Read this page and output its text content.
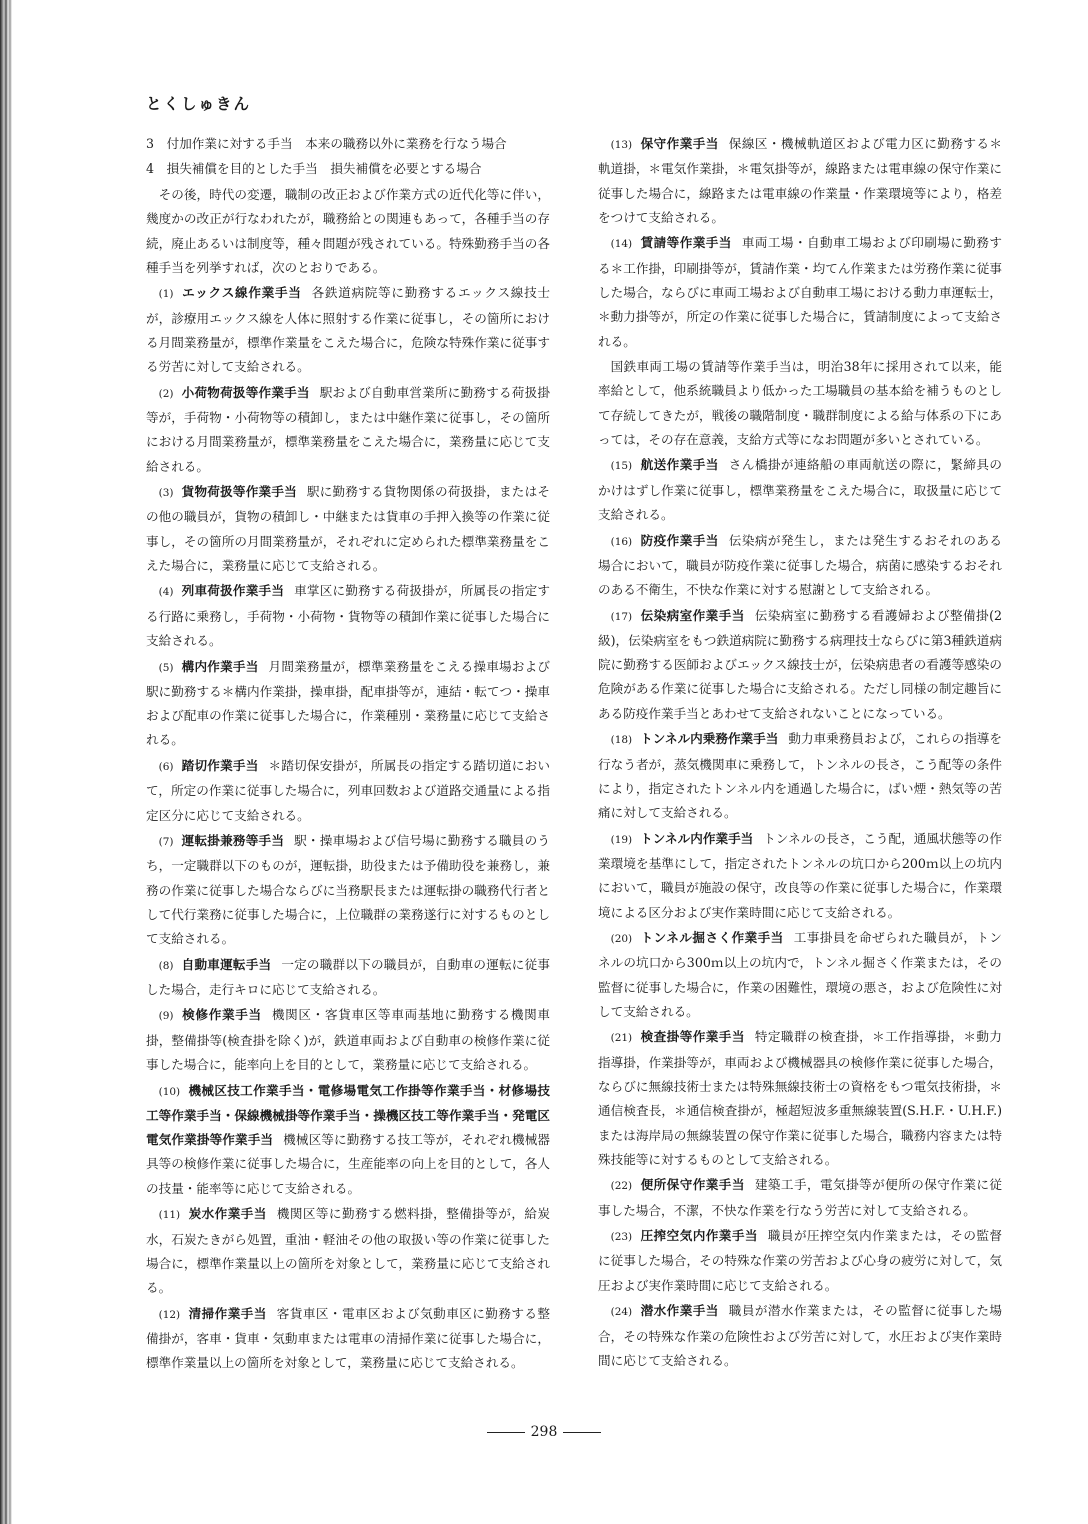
とくしゅきん

3　付加作業に対する手当　本来の職務以外に業務を行なう場合

4　損失補償を目的とした手当　損失補償を必要とする場合

その後，時代の変遷，職制の改正および作業方式の近代化等に伴い，幾度かの改正が行なわれたが，職務給との関連もあって，各種手当の存続，廃止あるいは制度等，種々問題が残されている。特殊勤務手当の各種手当を列挙すれば，次のとおりである。

(1) エックス線作業手当 各鉄道病院等に勤務するエックス線技士が，診療用エックス線を人体に照射する作業に従事し，その箇所における月間業務量が，標準作業量をこえた場合に，危険な特殊作業に従事する労苦に対して支給される。

(2) 小荷物荷扱等作業手当 駅および自動車営業所に勤務する荷扱掛等が，手荷物・小荷物等の積卸し，または中継作業に従事し，その箇所における月間業務量が，標準業務量をこえた場合に，業務量に応じて支給される。

(3) 貨物荷扱等作業手当 駅に勤務する貨物関係の荷扱掛，またはその他の職員が，貨物の積卸し・中継または貨車の手押入換等の作業に従事し，その箇所の月間業務量が，それぞれに定められた標準業務量をこえた場合に，業務量に応じて支給される。

(4) 列車荷扱作業手当 車掌区に勤務する荷扱掛が，所属長の指定する行路に乗務し，手荷物・小荷物・貨物等の積卸作業に従事した場合に支給される。

(5) 構内作業手当 月間業務量が，標準業務量をこえる操車場および駅に勤務する＊構内作業掛，操車掛，配車掛等が，連結・転てつ・操車および配車の作業に従事した場合に，作業種別・業務量に応じて支給される。

(6) 踏切作業手当 ＊踏切保安掛が，所属長の指定する踏切道において，所定の作業に従事した場合に，列車回数および道路交通量による指定区分に応じて支給される。

(7) 運転掛兼務等手当 駅・操車場および信号場に勤務する職員のうち，一定職群以下のものが，運転掛，助役または予備助役を兼務し，兼務の作業に従事した場合ならびに当務駅長または運転掛の職務代行者として代行業務に従事した場合に，上位職群の業務遂行に対するものとして支給される。

(8) 自動車運転手当 一定の職群以下の職員が，自動車の運転に従事した場合，走行キロに応じて支給される。

(9) 検修作業手当 機関区・客貨車区等車両基地に勤務する機関車掛，整備掛等(検査掛を除く)が，鉄道車両および自動車の検修作業に従事した場合に，能率向上を目的として，業務量に応じて支給される。

(10) 機械区技工作業手当・電修場電気工作掛等作業手当・材修場技工等作業手当・保線機械掛等作業手当・操機区技工等作業手当・発電区電気作業掛等作業手当 機械区等に勤務する技工等が，それぞれ機械器具等の検修作業に従事した場合に，生産能率の向上を目的として，各人の技量・能率等に応じて支給される。

(11) 炭水作業手当 機関区等に勤務する燃料掛，整備掛等が，給炭水，石炭たきがら処置，重油・軽油その他の取扱い等の作業に従事した場合に，標準作業量以上の箇所を対象として，業務量に応じて支給される。

(12) 清掃作業手当 客貨車区・電車区および気動車区に勤務する整備掛が，客車・貨車・気動車または電車の清掃作業に従事した場合に，標準作業量以上の箇所を対象として，業務量に応じて支給される。

(13) 保守作業手当 保線区・機械軌道区および電力区に勤務する＊軌道掛，＊電気作業掛，＊電気掛等が，線路または電車線の保守作業に従事した場合に，線路または電車線の作業量・作業環境等により，格差をつけて支給される。

(14) 賃請等作業手当 車両工場・自動車工場および印刷場に勤務する＊工作掛，印刷掛等が，賃請作業・均てん作業または労務作業に従事した場合，ならびに車両工場および自動車工場における動力車運転士，＊動力掛等が，所定の作業に従事した場合に，賃請制度によって支給される。

国鉄車両工場の賃請等作業手当は，明治38年に採用されて以来，能率給として，他系統職員より低かった工場職員の基本給を補うものとして存続してきたが，戦後の職階制度・職群制度による給与体系の下にあっては，その存在意義，支給方式等になお問題が多いとされている。

(15) 航送作業手当 さん橋掛が連絡船の車両航送の際に，緊締具のかけはずし作業に従事し，標準業務量をこえた場合に，取扱量に応じて支給される。

(16) 防疫作業手当 伝染病が発生し，または発生するおそれのある場合において，職員が防疫作業に従事した場合，病菌に感染するおそれのある不衛生，不快な作業に対する慰謝として支給される。

(17) 伝染病室作業手当 伝染病室に勤務する看護婦および整備掛(2級)，伝染病室をもつ鉄道病院に勤務する病理技士ならびに第3種鉄道病院に勤務する医師およびエックス線技士が，伝染病患者の看護等感染の危険がある作業に従事した場合に支給される。ただし同様の制定趣旨にある防疫作業手当とあわせて支給されないことになっている。

(18) トンネル内乗務作業手当 動力車乗務員および，これらの指導を行なう者が，蒸気機関車に乗務して，トンネルの長さ，こう配等の条件により，指定されたトンネル内を通過した場合に，ばい煙・熱気等の苦痛に対して支給される。

(19) トンネル内作業手当 トンネルの長さ，こう配，通風状態等の作業環境を基準にして，指定されたトンネルの坑口から200ｍ以上の坑内において，職員が施設の保守，改良等の作業に従事した場合に，作業環境による区分および実作業時間に応じて支給される。

(20) トンネル掘さく作業手当 工事掛員を命ぜられた職員が，トンネルの坑口から300ｍ以上の坑内で，トンネル掘さく作業または，その監督に従事した場合に，作業の困難性，環境の悪さ，および危険性に対して支給される。

(21) 検査掛等作業手当 特定職群の検査掛，＊工作指導掛，＊動力指導掛，作業掛等が，車両および機械器具の検修作業に従事した場合，ならびに無線技術士または特殊無線技術士の資格をもつ電気技術掛，＊通信検査長，＊通信検査掛が，極超短波多重無線装置(S.H.F.・U.H.F.)または海岸局の無線装置の保守作業に従事した場合，職務内容または特殊技能等に対するものとして支給される。

(22) 便所保守作業手当 建築工手，電気掛等が便所の保守作業に従事した場合，不潔，不快な作業を行なう労苦に対して支給される。

(23) 圧搾空気内作業手当 職員が圧搾空気内作業または，その監督に従事した場合，その特殊な作業の労苦および心身の疲労に対して，気圧および実作業時間に応じて支給される。

(24) 潜水作業手当 職員が潜水作業または，その監督に従事した場合，その特殊な作業の危険性および労苦に対して，水圧および実作業時間に応じて支給される。

298
